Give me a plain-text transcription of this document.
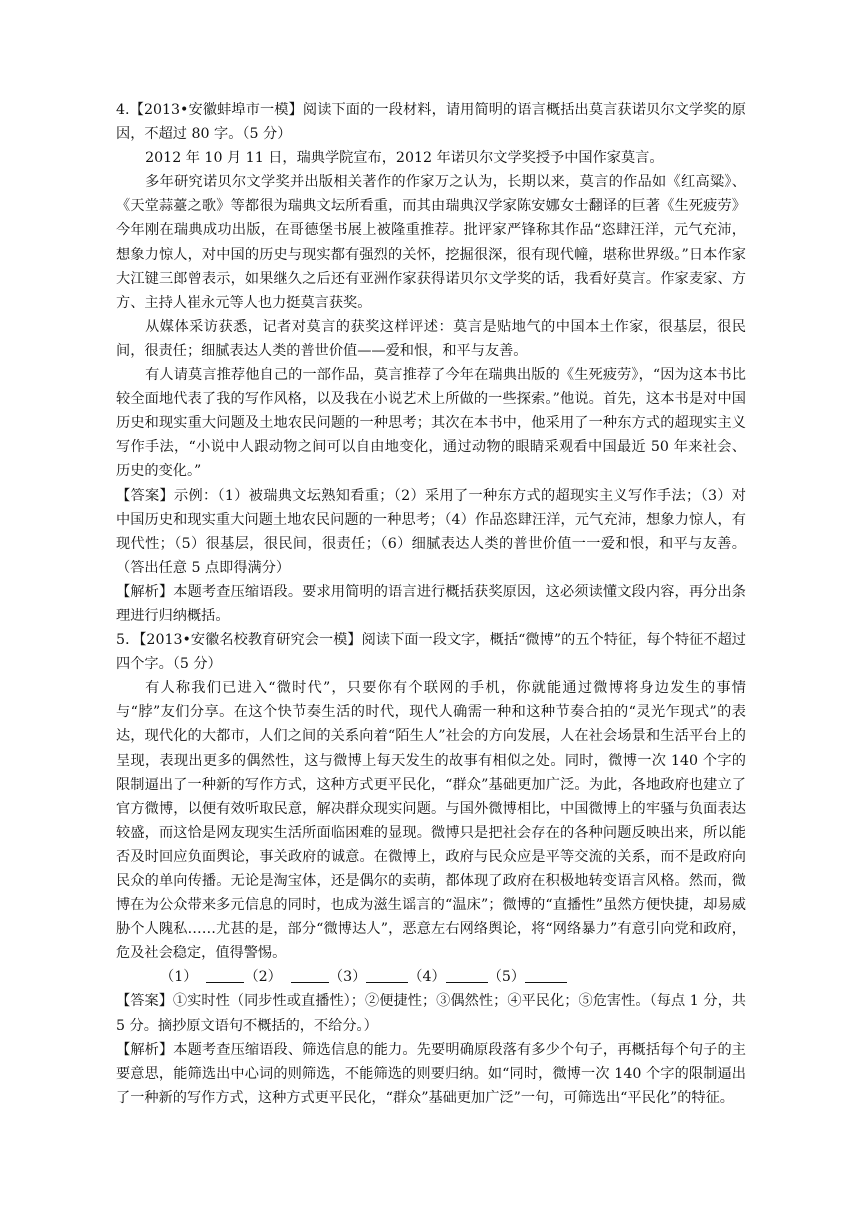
4.【2013•安徽蚌埠市一模】阅读下面的一段材料，请用简明的语言概括出莫言获诺贝尔文学奖的原因，不超过 80 字。（5 分）

2012 年 10 月 11 日，瑞典学院宣布，2012 年诺贝尔文学奖授予中国作家莫言。

多年研究诺贝尔文学奖并出版相关著作的作家万之认为，长期以来，莫言的作品如《红高粱》、《天堂蒜薹之歌》等都很为瑞典文坛所看重，而其由瑞典汉学家陈安娜女士翻译的巨著《生死疲劳》今年刚在瑞典成功出版，在哥德堡书展上被隆重推荐。批评家严锋称其作品“恣肆汪洋，元气充沛，想象力惊人，对中国的历史与现实都有强烈的关怀，挖掘很深，很有现代幢，堪称世界级。”日本作家大江键三郎曾表示，如果继久之后还有亚洲作家获得诺贝尔文学奖的话，我看好莫言。作家麦家、方方、主持人崔永元等人也力挺莫言获奖。

从媒体采访获悉，记者对莫言的获奖这样评述：莫言是贴地气的中国本土作家，很基层，很民间，很责任；细腻表达人类的普世价值——爱和恨，和平与友善。

有人请莫言推荐他自己的一部作品，莫言推荐了今年在瑞典出版的《生死疲劳》，“因为这本书比较全面地代表了我的写作风格，以及我在小说艺术上所做的一些探索。”他说。首先，这本书是对中国历史和现实重大问题及土地农民问题的一种思考；其次在本书中，他采用了一种东方式的超现实主义写作手法，“小说中人跟动物之间可以自由地变化，通过动物的眼睛采观看中国最近 50 年来社会、历史的变化。”

【答案】示例：（1）被瑞典文坛熟知看重；（2）采用了一种东方式的超现实主义写作手法；（3）对中国历史和现实重大问题土地农民问题的一种思考；（4）作品恣肆汪洋，元气充沛，想象力惊人，有现代性；（5）很基层，很民间，很责任；（6）细腻表达人类的普世价值一一爱和恨，和平与友善。（答出任意 5 点即得满分）

【解析】本题考查压缩语段。要求用简明的语言进行概括获奖原因，这必须读懂文段内容，再分出条理进行归纳概括。

5．【2013•安徽名校教育研究会一模】阅读下面一段文字，概括“微博”的五个特征，每个特征不超过四个字。（5 分）

有人称我们已进入“微时代”，只要你有个联网的手机，你就能通过微博将身边发生的事情与“脖”友们分享。在这个快节奏生活的时代，现代人确需一种和这种节奏合拍的“灵光乍现式”的表达，现代化的大都市，人们之间的关系向着“陌生人”社会的方向发展，人在社会场景和生活平台上的呈现，表现出更多的偶然性，这与微博上每天发生的故事有相似之处。同时，微博一次 140 个字的限制逼出了一种新的写作方式，这种方式更平民化，“群众”基础更加广泛。为此，各地政府也建立了官方微博，以便有效听取民意，解决群众现实问题。与国外微博相比，中国微博上的牢骚与负面表达较盛，而这恰是网友现实生活所面临困难的显现。微博只是把社会存在的各种问题反映出来，所以能否及时回应负面舆论，事关政府的诚意。在微博上，政府与民众应是平等交流的关系，而不是政府向民众的单向传播。无论是淘宝体，还是偶尔的卖萌，都体现了政府在积极地转变语言风格。然而，微博在为公众带来多元信息的同时，也成为滋生谣言的“温床”；微博的“直播性”虽然方便快捷，却易威胁个人隗私……尤甚的是，部分“微博达人”，恶意左右网络舆论，将“网络暴力”有意引向党和政府，危及社会稳定，值得警惕。

（1）	（2）	（3）	（4）	（5）

【答案】①实时性（同步性或直播性）；②便捷性；③偶然性；④平民化；⑤危害性。（每点 1 分，共 5 分。摘抄原文语句不概括的，不给分。）

【解析】本题考查压缩语段、筛选信息的能力。先要明确原段落有多少个句子，再概括每个句子的主要意思，能筛选出中心词的则筛选，不能筛选的则要归纳。如“同时，微博一次 140 个字的限制逼出了一种新的写作方式，这种方式更平民化，“群众”基础更加广泛”一句，可筛选出“平民化”的特征。
